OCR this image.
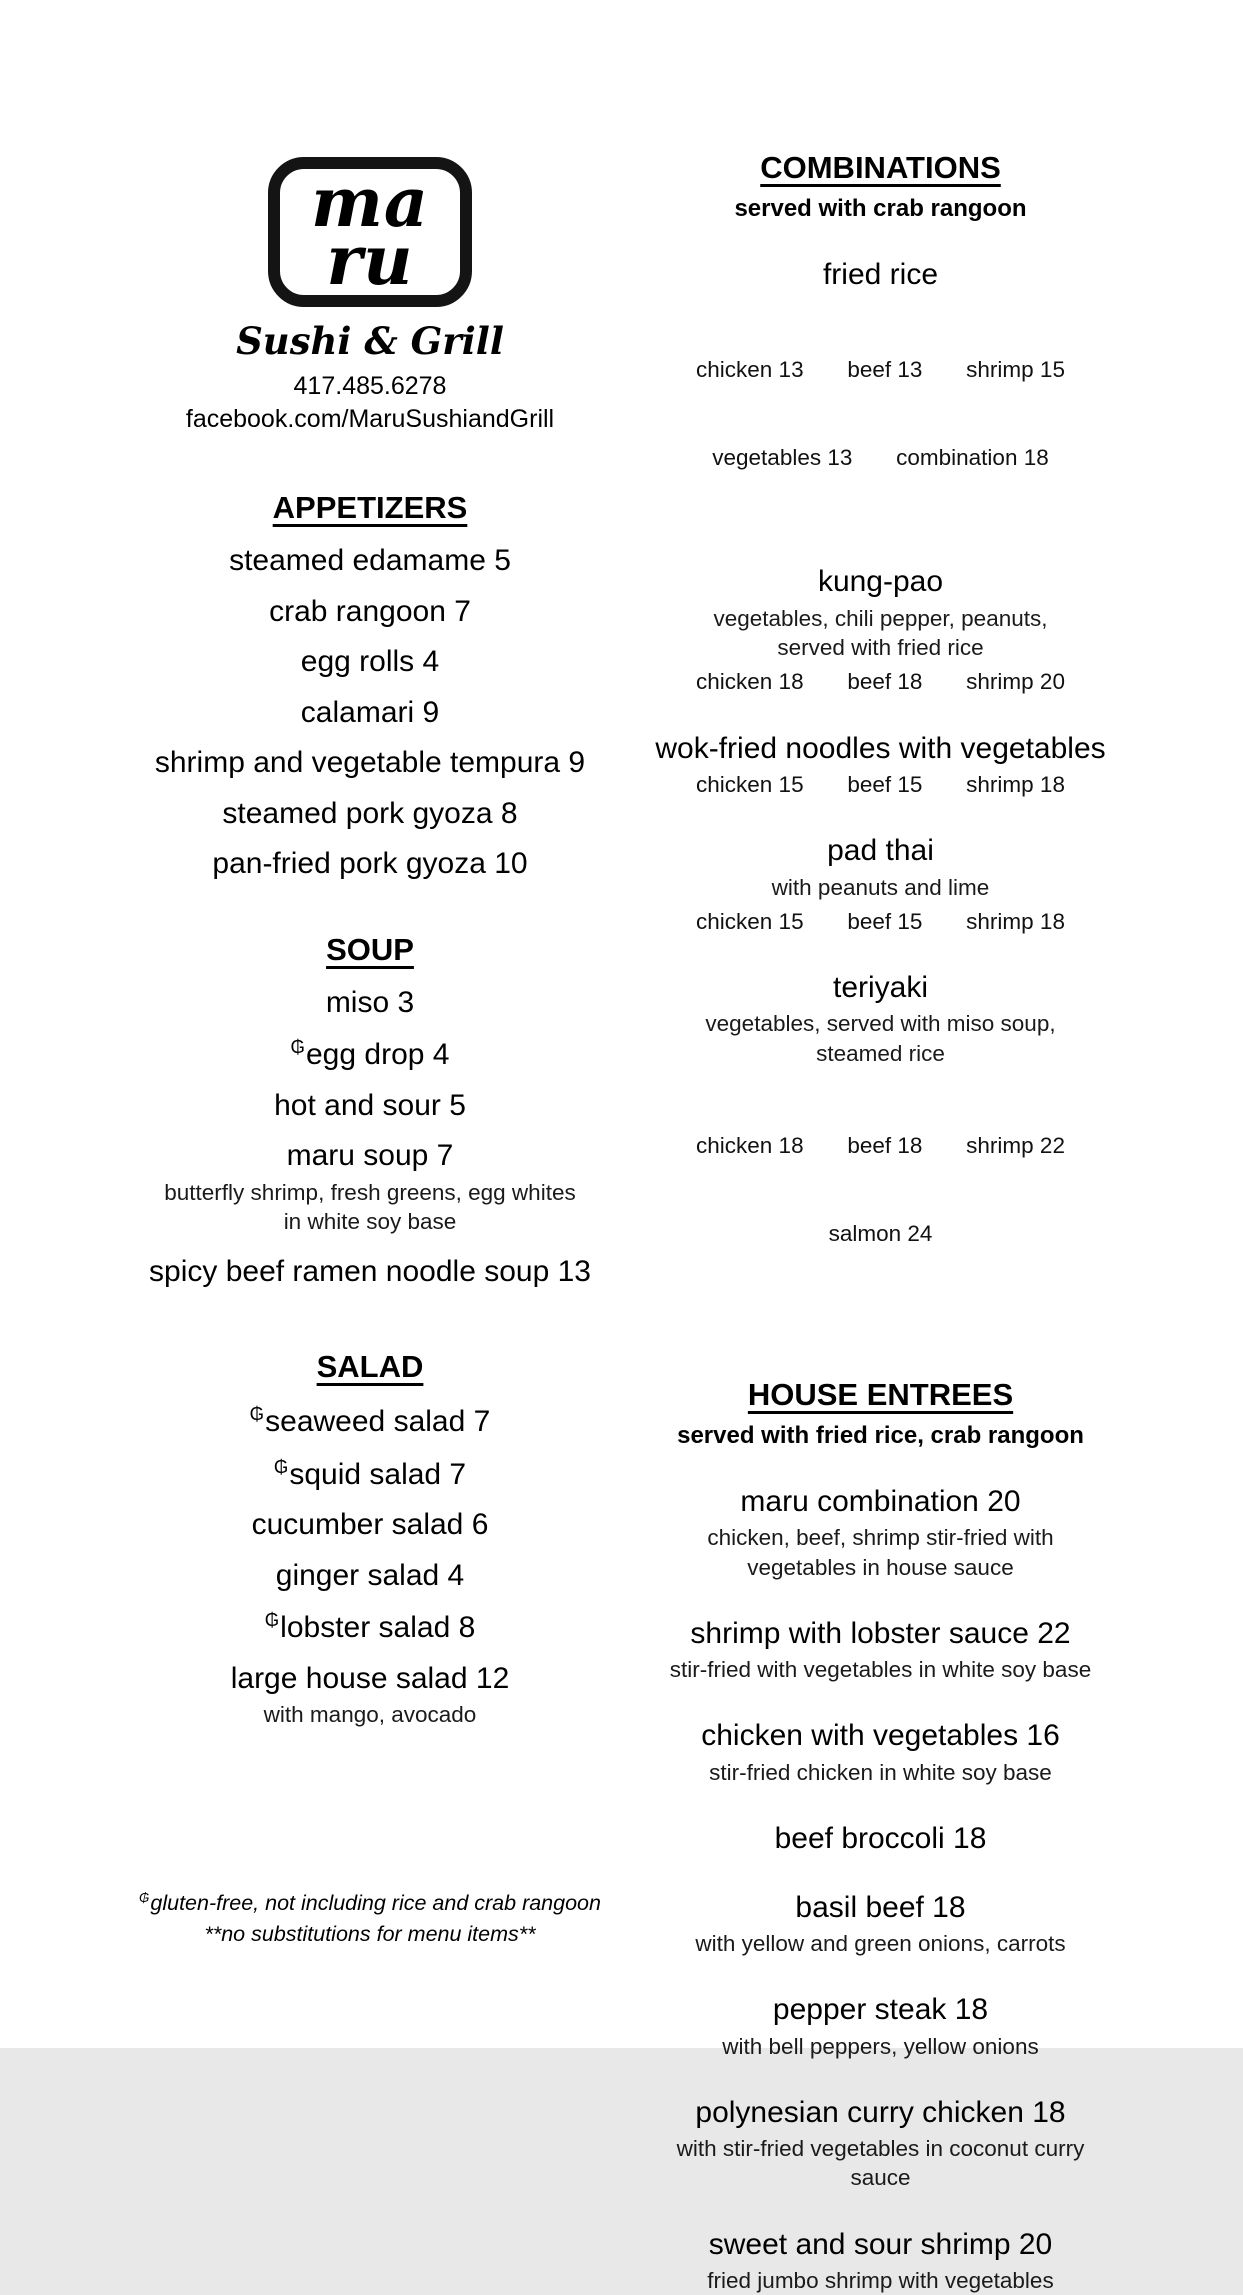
ma
ru
Sushi & Grill
417.485.6278
facebook.com/MaruSushiandGrill
APPETIZERS
steamed edamame 5
crab rangoon 7
egg rolls 4
calamari 9
shrimp and vegetable tempura 9
steamed pork gyoza 8
pan-fried pork gyoza 10
SOUP
miso 3
₲egg drop 4
hot and sour 5
maru soup 7
butterfly shrimp, fresh greens, egg whites
in white soy base
spicy beef ramen noodle soup 13
SALAD
₲seaweed salad 7
₲squid salad 7
cucumber salad 6
ginger salad 4
₲lobster salad 8
large house salad 12
with mango, avocado
₲gluten-free, not including rice and crab rangoon
**no substitutions for menu items**
COMBINATIONS
served with crab rangoon
fried rice

chicken 13       beef 13       shrimp 15

vegetables 13       combination 18

kung-pao
vegetables, chili pepper, peanuts,
served with fried rice
chicken 18       beef 18       shrimp 20
wok-fried noodles with vegetables
chicken 15       beef 15       shrimp 18
pad thai
with peanuts and lime
chicken 15       beef 15       shrimp 18
teriyaki
vegetables, served with miso soup,
steamed rice

chicken 18       beef 18       shrimp 22

salmon 24

HOUSE ENTREES
served with fried rice, crab rangoon
maru combination 20
chicken, beef, shrimp stir-fried with
vegetables in house sauce
shrimp with lobster sauce 22
stir-fried with vegetables in white soy base
chicken with vegetables 16
stir-fried chicken in white soy base
beef broccoli 18
basil beef 18
with yellow and green onions, carrots
pepper steak 18
with bell peppers, yellow onions
polynesian curry chicken 18
with stir-fried vegetables in coconut curry
sauce
sweet and sour shrimp 20
fried jumbo shrimp with vegetables
